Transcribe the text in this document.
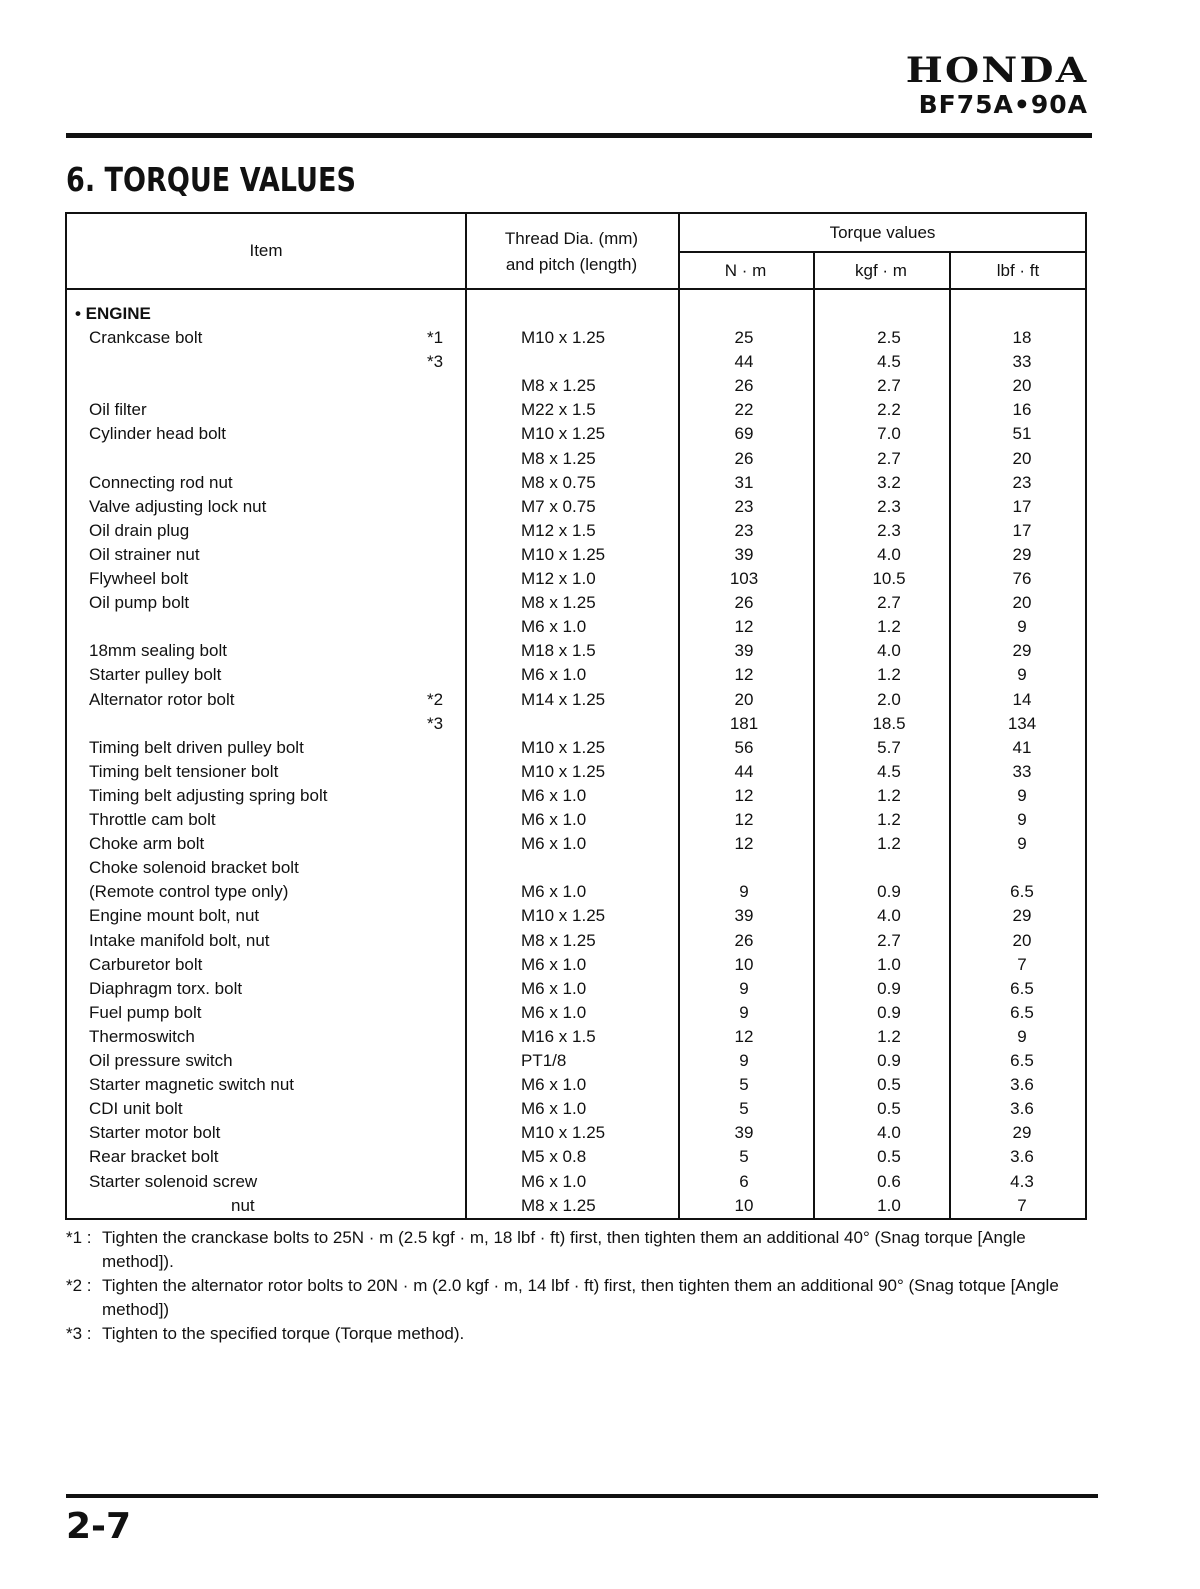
HONDA
BF75A•90A
6. TORQUE VALUES
Item
Thread Dia. (mm)
and pitch (length)
Torque values
N · m	kgf · m	lbf · ft
• ENGINE
Crankcase bolt	*1	M10 x 1.25	25	2.5	18
*3	44	4.5	33
M8 x 1.25	26	2.7	20
Oil filter	M22 x 1.5	22	2.2	16
Cylinder head bolt	M10 x 1.25	69	7.0	51
M8 x 1.25	26	2.7	20
Connecting rod nut	M8 x 0.75	31	3.2	23
Valve adjusting lock nut	M7 x 0.75	23	2.3	17
Oil drain plug	M12 x 1.5	23	2.3	17
Oil strainer nut	M10 x 1.25	39	4.0	29
Flywheel bolt	M12 x 1.0	103	10.5	76
Oil pump bolt	M8 x 1.25	26	2.7	20
M6 x 1.0	12	1.2	9
18mm sealing bolt	M18 x 1.5	39	4.0	29
Starter pulley bolt	M6 x 1.0	12	1.2	9
Alternator rotor bolt	*2	M14 x 1.25	20	2.0	14
*3	181	18.5	134
Timing belt driven pulley bolt	M10 x 1.25	56	5.7	41
Timing belt tensioner bolt	M10 x 1.25	44	4.5	33
Timing belt adjusting spring bolt	M6 x 1.0	12	1.2	9
Throttle cam bolt	M6 x 1.0	12	1.2	9
Choke arm bolt	M6 x 1.0	12	1.2	9
Choke solenoid bracket bolt
(Remote control type only)	M6 x 1.0	9	0.9	6.5
Engine mount bolt, nut	M10 x 1.25	39	4.0	29
Intake manifold bolt, nut	M8 x 1.25	26	2.7	20
Carburetor bolt	M6 x 1.0	10	1.0	7
Diaphragm torx. bolt	M6 x 1.0	9	0.9	6.5
Fuel pump bolt	M6 x 1.0	9	0.9	6.5
Thermoswitch	M16 x 1.5	12	1.2	9
Oil pressure switch	PT1/8	9	0.9	6.5
Starter magnetic switch nut	M6 x 1.0	5	0.5	3.6
CDI unit bolt	M6 x 1.0	5	0.5	3.6
Starter motor bolt	M10 x 1.25	39	4.0	29
Rear bracket bolt	M5 x 0.8	5	0.5	3.6
Starter solenoid screw	M6 x 1.0	6	0.6	4.3
nut	M8 x 1.25	10	1.0	7
*1 : Tighten the cranckase bolts to 25N · m (2.5 kgf · m, 18 lbf · ft) first, then tighten them an additional 40° (Snag torque [Angle method]).
*2 : Tighten the alternator rotor bolts to 20N · m (2.0 kgf · m, 14 lbf · ft) first, then tighten them an additional 90° (Snag totque [Angle method])
*3 : Tighten to the specified torque (Torque method).
2-7
